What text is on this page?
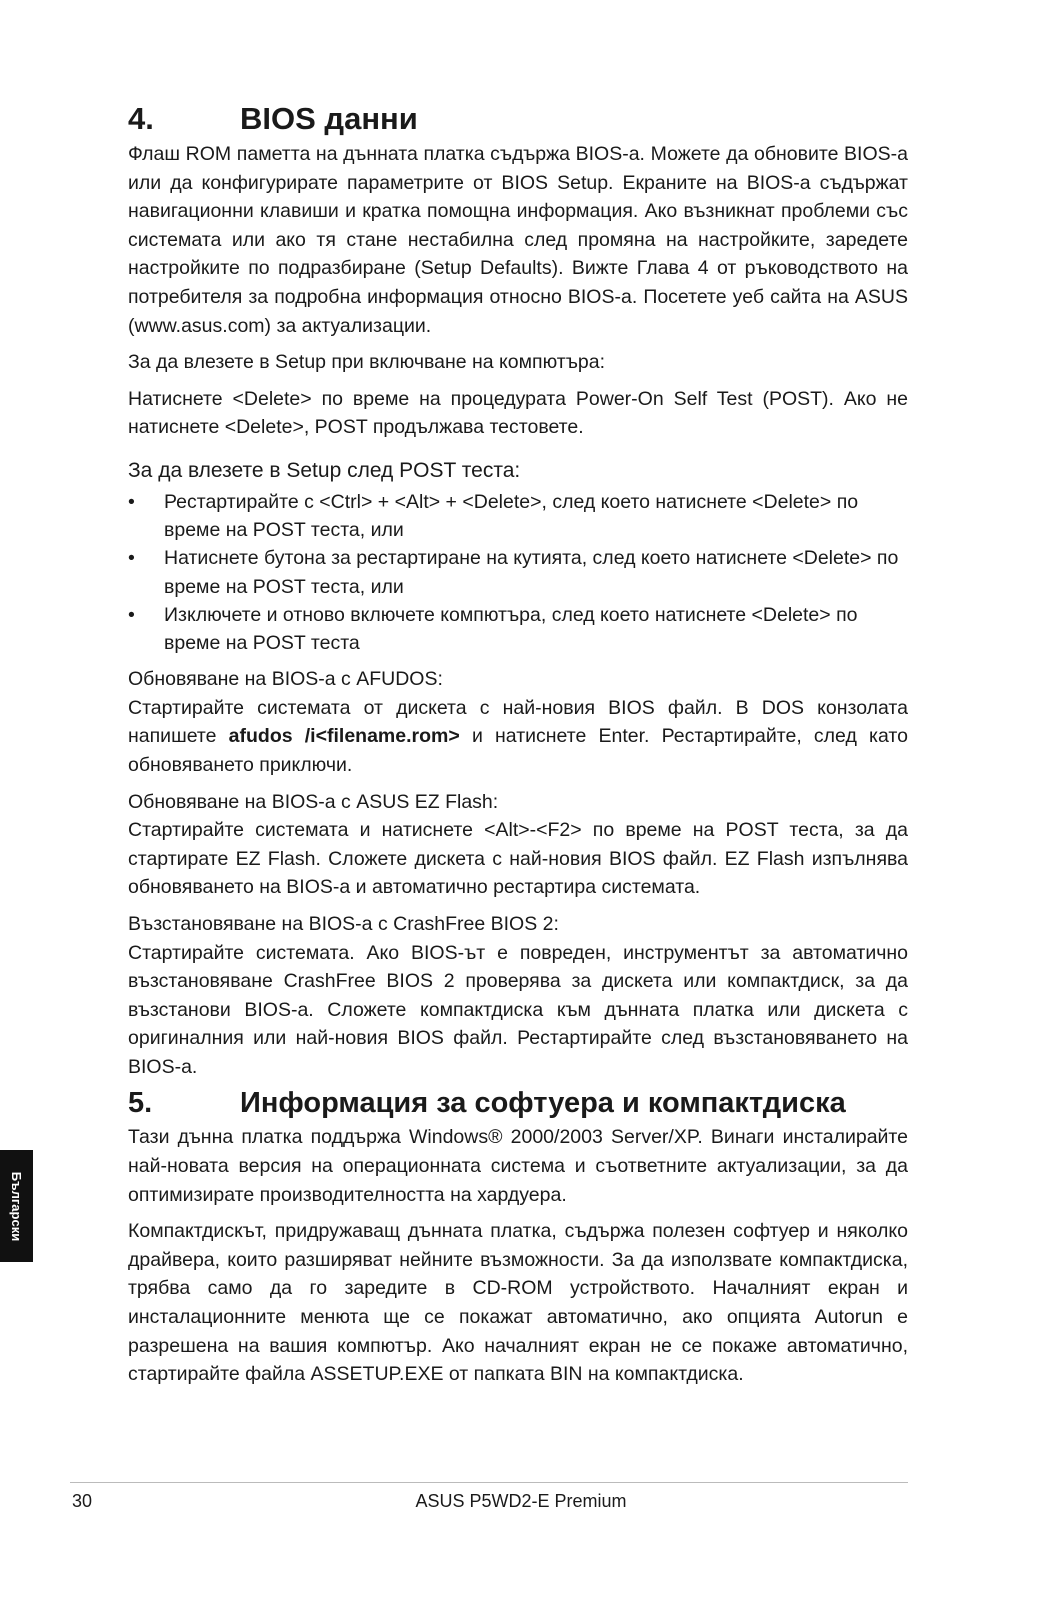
4.	BIOS данни

Флаш ROM паметта на дънната платка съдържа BIOS-а. Можете да обновите BIOS-а или да конфигурирате параметрите от BIOS Setup. Екраните на BIOS-а съдържат навигационни клавиши и кратка помощна информация. Ако възникнат проблеми със системата или ако тя стане нестабилна след промяна на настройките, заредете настройките по подразбиране (Setup Defaults). Вижте Глава 4 от ръководството на потребителя за подробна информация относно BIOS-а. Посетете уеб сайта на ASUS (www.asus.com) за актуализации.

За да влезете в Setup при включване на компютъра:

Натиснете <Delete> по време на процедурата Power-On Self Test (POST). Ако не натиснете <Delete>, POST продължава тестовете.

За да влезете в Setup след POST теста:

• Рестартирайте с <Ctrl> + <Alt> + <Delete>, след което натиснете <Delete> по време на POST теста, или
• Натиснете бутона за рестартиране на кутията, след което натиснете <Delete> по време на POST теста, или
• Изключете и отново включете компютъра, след което натиснете <Delete> по време на POST теста

Обновяване на BIOS-а с AFUDOS:

Стартирайте системата от дискета с най-новия BIOS файл. В DOS конзолата напишете afudos /i<filename.rom> и натиснете Enter. Рестартирайте, след като обновяването приключи.

Обновяване на BIOS-а с ASUS EZ Flash:

Стартирайте системата и натиснете <Alt>-<F2> по време на POST теста, за да стартирате EZ Flash. Сложете дискета с най-новия BIOS файл. EZ Flash изпълнява обновяването на BIOS-а и автоматично рестартира системата.

Възстановяване на BIOS-а с CrashFree BIOS 2:

Стартирайте системата. Ако BIOS-ът е повреден, инструментът за автоматично възстановяване CrashFree BIOS 2 проверява за дискета или компактдиск, за да възстанови BIOS-а. Сложете компактдиска към дънната платка или дискета с оригиналния или най-новия BIOS файл. Рестартирайте след възстановяването на BIOS-а.

5.	Информация за софтуера и компактдиска

Тази дънна платка поддържа Windows® 2000/2003 Server/XP. Винаги инсталирайте най-новата версия на операционната система и съответните актуализации, за да оптимизирате производителността на хардуера.

Компактдискът, придружаващ дънната платка, съдържа полезен софтуер и няколко драйвера, които разширяват нейните възможности. За да използвате компактдиска, трябва само да го заредите в CD-ROM устройството. Началният екран и инсталационните менюта ще се покажат автоматично, ако опцията Autorun е разрешена на вашия компютър. Ако началният екран не се покаже автоматично, стартирайте файла ASSETUP.EXE от папката BIN на компактдиска.

Български
30	ASUS P5WD2-E Premium
